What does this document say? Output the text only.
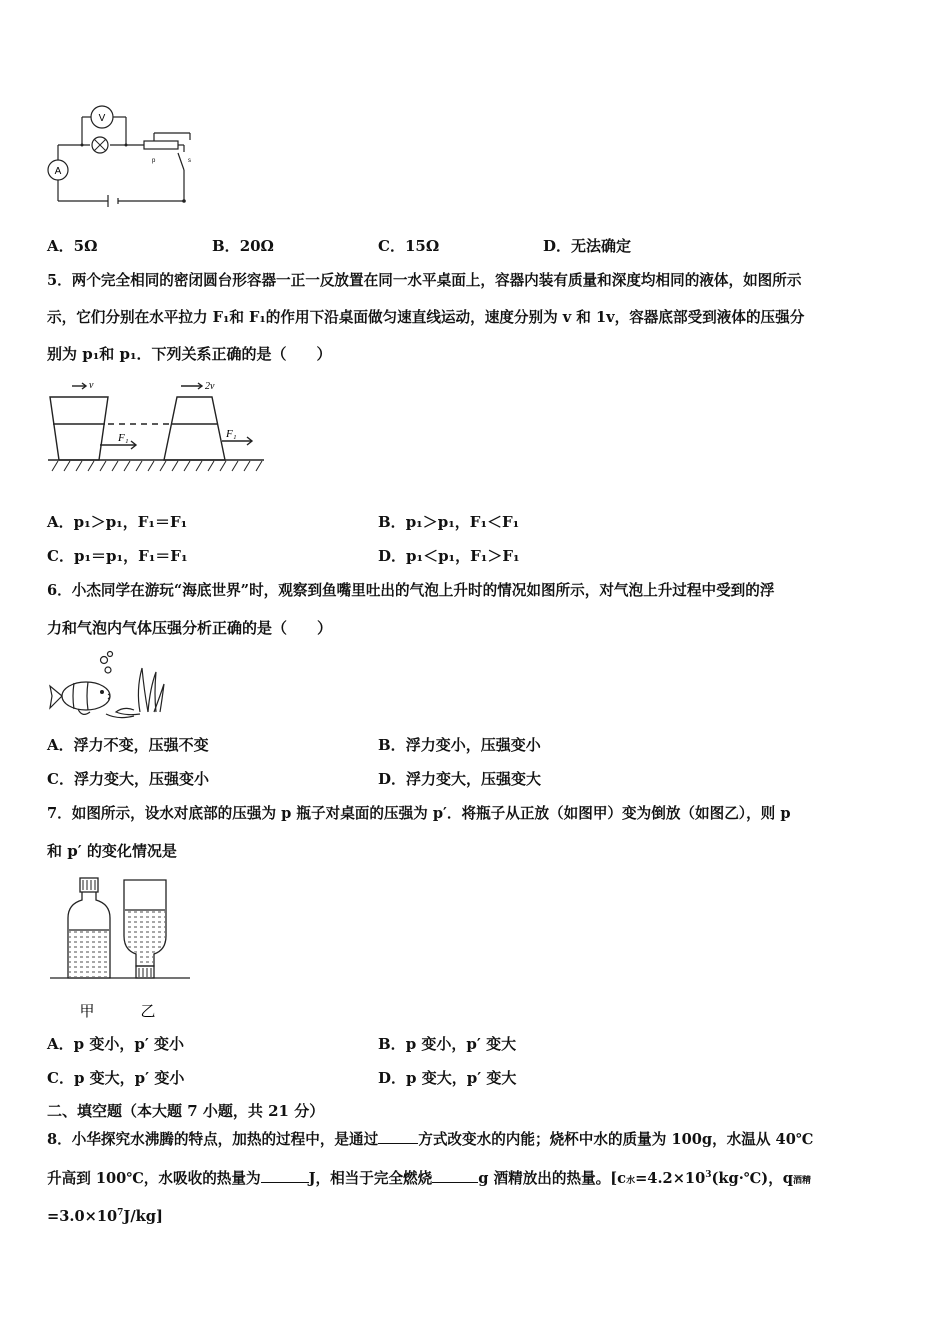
V
A
p	s
A．5Ω	B．20Ω	C．15Ω	D．无法确定
5．两个完全相同的密闭圆台形容器一正一反放置在同一水平桌面上，容器内装有质量和深度均相同的液体，如图所示
示，它们分别在水平拉力 F₁和 F₁的作用下沿桌面做匀速直线运动，速度分别为 v 和 1v，容器底部受到液体的压强分
别为 p₁和 p₁．下列关系正确的是（　　）
v	2v
F₁	F₁
A．p₁＞p₁，F₁＝F₁	B．p₁＞p₁，F₁＜F₁
C．p₁＝p₁，F₁＝F₁	D．p₁＜p₁，F₁＞F₁
6．小杰同学在游玩“海底世界”时，观察到鱼嘴里吐出的气泡上升时的情况如图所示，对气泡上升过程中受到的浮
力和气泡内气体压强分析正确的是（　　）
A．浮力不变，压强不变	B．浮力变小，压强变小
C．浮力变大，压强变小	D．浮力变大，压强变大
7．如图所示，设水对底部的压强为 p 瓶子对桌面的压强为 p′．将瓶子从正放（如图甲）变为倒放（如图乙），则 p
和 p′ 的变化情况是
甲	乙
A．p 变小，p′ 变小	B．p 变小，p′ 变大
C．p 变大，p′ 变小	D．p 变大，p′ 变大
二、填空题（本大题 7 小题，共 21 分）
8．小华探究水沸腾的特点，加热的过程中，是通过	方式改变水的内能；烧杯中水的质量为 100g，水温从 40℃
升高到 100℃，水吸收的热量为	J，相当于完全燃烧	g 酒精放出的热量。[c水$=4.2\times 10^3(kg\cdot℃)$，q酒精
$=3.0\times 10^7J/kg$]
